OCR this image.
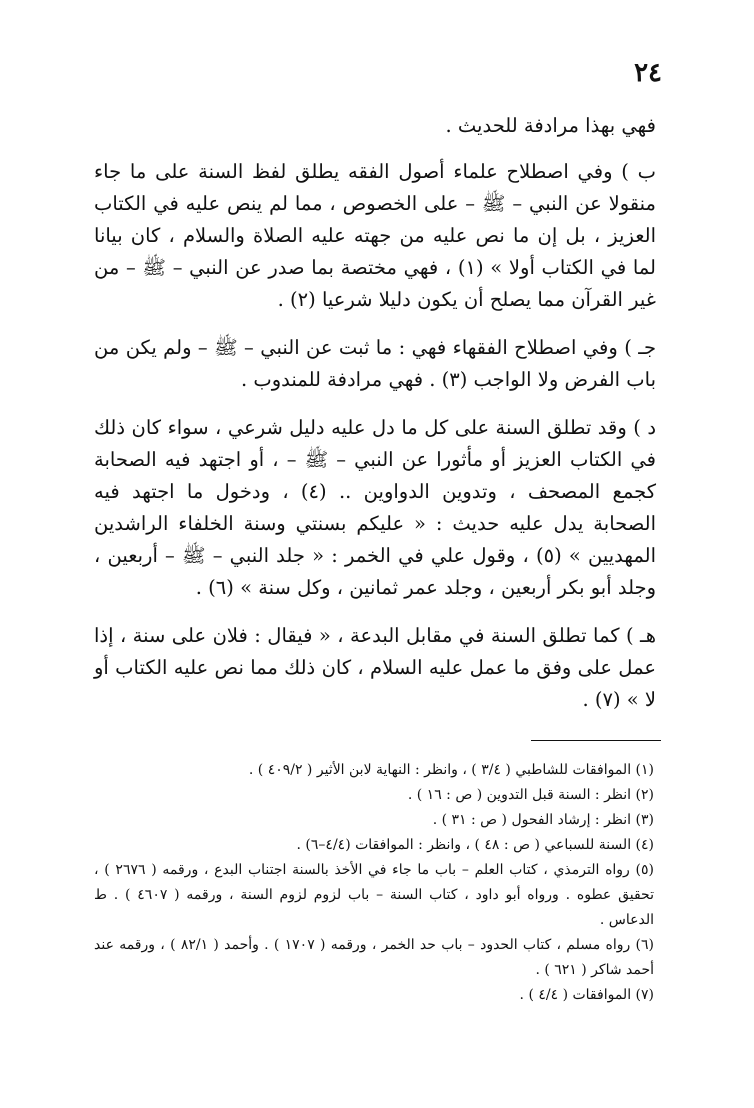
٢٤

فهي بهذا مرادفة للحديث .

ب ) وفي اصطلاح علماء أصول الفقه يطلق لفظ السنة على ما جاء منقولا عن النبي – ﷺ – على الخصوص ، مما لم ينص عليه في الكتاب العزيز ، بل إن ما نص عليه من جهته عليه الصلاة والسلام ، كان بيانا لما في الكتاب أولا » (١) ، فهي مختصة بما صدر عن النبي – ﷺ – من غير القرآن مما يصلح أن يكون دليلا شرعيا (٢) .

جـ ) وفي اصطلاح الفقهاء فهي : ما ثبت عن النبي – ﷺ – ولم يكن من باب الفرض ولا الواجب (٣) . فهي مرادفة للمندوب .

د ) وقد تطلق السنة على كل ما دل عليه دليل شرعي ، سواء كان ذلك في الكتاب العزيز أو مأثورا عن النبي – ﷺ – ، أو اجتهد فيه الصحابة كجمع المصحف ، وتدوين الدواوين .. (٤) ، ودخول ما اجتهد فيه الصحابة يدل عليه حديث : « عليكم بسنتي وسنة الخلفاء الراشدين المهديين » (٥) ، وقول علي في الخمر : « جلد النبي – ﷺ – أربعين ، وجلد أبو بكر أربعين ، وجلد عمر ثمانين ، وكل سنة » (٦) .

هـ ) كما تطلق السنة في مقابل البدعة ، « فيقال : فلان على سنة ، إذا عمل على وفق ما عمل عليه السلام ، كان ذلك مما نص عليه الكتاب أو لا » (٧) .

(١) الموافقات للشاطبي ( ٣/٤ ) ، وانظر : النهاية لابن الأثير ( ٤٠٩/٢ ) .

(٢) انظر : السنة قبل التدوين ( ص : ١٦ ) .

(٣) انظر : إرشاد الفحول ( ص : ٣١ ) .

(٤) السنة للسباعي ( ص : ٤٨ ) ، وانظر : الموافقات (٤/٤–٦) .

(٥) رواه الترمذي ، كتاب العلم – باب ما جاء في الأخذ بالسنة اجتناب البدع ، ورقمه ( ٢٦٧٦ ) ، تحقيق عطوه . ورواه أبو داود ، كتاب السنة – باب لزوم لزوم السنة ، ورقمه ( ٤٦٠٧ ) . ط الدعاس .

(٦) رواه مسلم ، كتاب الحدود – باب حد الخمر ، ورقمه ( ١٧٠٧ ) . وأحمد ( ٨٢/١ ) ، ورقمه عند أحمد شاكر ( ٦٢١ ) .

(٧) الموافقات ( ٤/٤ ) .
